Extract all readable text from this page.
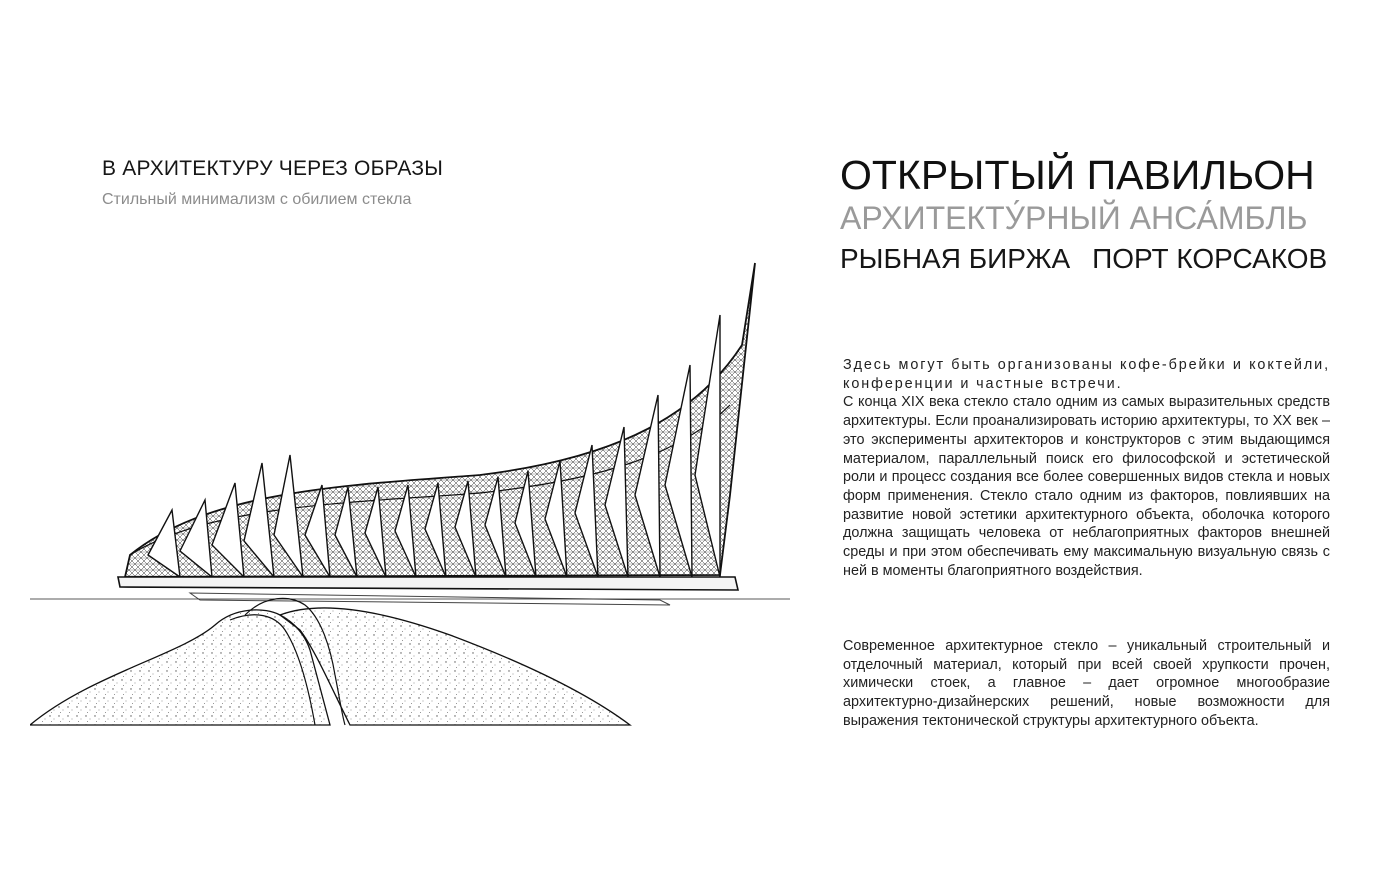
В АРХИТЕКТУРУ ЧЕРЕЗ ОБРАЗЫ
Стильный минимализм с обилием стекла
ОТКРЫТЫЙ ПАВИЛЬОН
АРХИТЕКТУ́РНЫЙ АНСА́МБЛЬ
РЫБНАЯ БИРЖА ПОРТ КОРСАКОВ

Здесь могут быть организованы кофе-брейки и коктейли, конференции и частные встречи.

С конца XIX века стекло стало одним из самых выразительных средств архитектуры. Если проанализировать историю архитектуры, то XX век – это эксперименты архитекторов и конструкторов с этим выдающимся материалом, параллельный поиск его философской и эстетической роли и процесс создания все более совершенных видов стекла и новых форм применения. Стекло стало одним из факторов, повлиявших на развитие новой эстетики архитектурного объекта, оболочка которого должна защищать человека от неблагоприятных факторов внешней среды и при этом обеспечивать ему максимальную визуальную связь с ней в моменты благоприятного воздействия.

Современное архитектурное стекло – уникальный строительный и отделочный материал, который при всей своей хрупкости прочен, химически стоек, а главное – дает огромное многообразие архитектурно-дизайнерских решений, новые возможности для выражения тектонической структуры архитектурного объекта.
